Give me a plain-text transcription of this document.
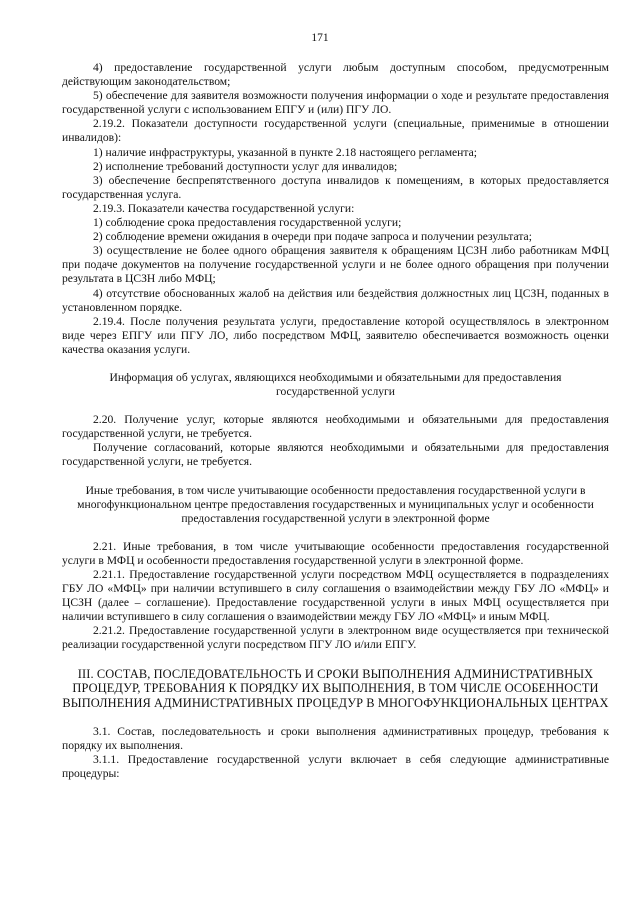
171

4) предоставление государственной услуги любым доступным способом, предусмотренным действующим законодательством;

5) обеспечение для заявителя возможности получения информации о ходе и результате предоставления государственной услуги с использованием ЕПГУ и (или) ПГУ ЛО.

2.19.2. Показатели доступности государственной услуги (специальные, применимые в отношении инвалидов):

1) наличие инфраструктуры, указанной в пункте 2.18 настоящего регламента;

2) исполнение требований доступности услуг для инвалидов;

3) обеспечение беспрепятственного доступа инвалидов к помещениям, в которых предоставляется государственная услуга.

2.19.3. Показатели качества государственной услуги:

1) соблюдение срока предоставления государственной услуги;

2) соблюдение времени ожидания в очереди при подаче запроса и получении результата;

3) осуществление не более одного обращения заявителя к обращениям ЦСЗН либо работникам МФЦ при подаче документов на получение государственной услуги и не более одного обращения при получении результата в ЦСЗН либо МФЦ;

4) отсутствие обоснованных жалоб на действия или бездействия должностных лиц ЦСЗН, поданных в установленном порядке.

2.19.4. После получения результата услуги, предоставление которой осуществлялось в электронном виде через ЕПГУ или ПГУ ЛО, либо посредством МФЦ, заявителю обеспечивается возможность оценки качества оказания услуги.

Информация об услугах, являющихся необходимыми и обязательными для предоставления государственной услуги

2.20. Получение услуг, которые являются необходимыми и обязательными для предоставления государственной услуги, не требуется.

Получение согласований, которые являются необходимыми и обязательными для предоставления государственной услуги, не требуется.

Иные требования, в том числе учитывающие особенности предоставления государственной услуги в многофункциональном центре предоставления государственных и муниципальных услуг и особенности предоставления государственной услуги в электронной форме

2.21. Иные требования, в том числе учитывающие особенности предоставления государственной услуги в МФЦ и особенности предоставления государственной услуги в электронной форме.

2.21.1. Предоставление государственной услуги посредством МФЦ осуществляется в подразделениях ГБУ ЛО «МФЦ» при наличии вступившего в силу соглашения о взаимодействии между ГБУ ЛО «МФЦ» и ЦСЗН (далее – соглашение). Предоставление государственной услуги в иных МФЦ осуществляется при наличии вступившего в силу соглашения о взаимодействии между ГБУ ЛО «МФЦ» и иным МФЦ.

2.21.2. Предоставление государственной услуги в электронном виде осуществляется при технической реализации государственной услуги посредством ПГУ ЛО и/или ЕПГУ.

III. СОСТАВ, ПОСЛЕДОВАТЕЛЬНОСТЬ И СРОКИ ВЫПОЛНЕНИЯ АДМИНИСТРАТИВНЫХ ПРОЦЕДУР, ТРЕБОВАНИЯ К ПОРЯДКУ ИХ ВЫПОЛНЕНИЯ, В ТОМ ЧИСЛЕ ОСОБЕННОСТИ ВЫПОЛНЕНИЯ АДМИНИСТРАТИВНЫХ ПРОЦЕДУР В МНОГОФУНКЦИОНАЛЬНЫХ ЦЕНТРАХ

3.1. Состав, последовательность и сроки выполнения административных процедур, требования к порядку их выполнения.

3.1.1. Предоставление государственной услуги включает в себя следующие административные процедуры:
